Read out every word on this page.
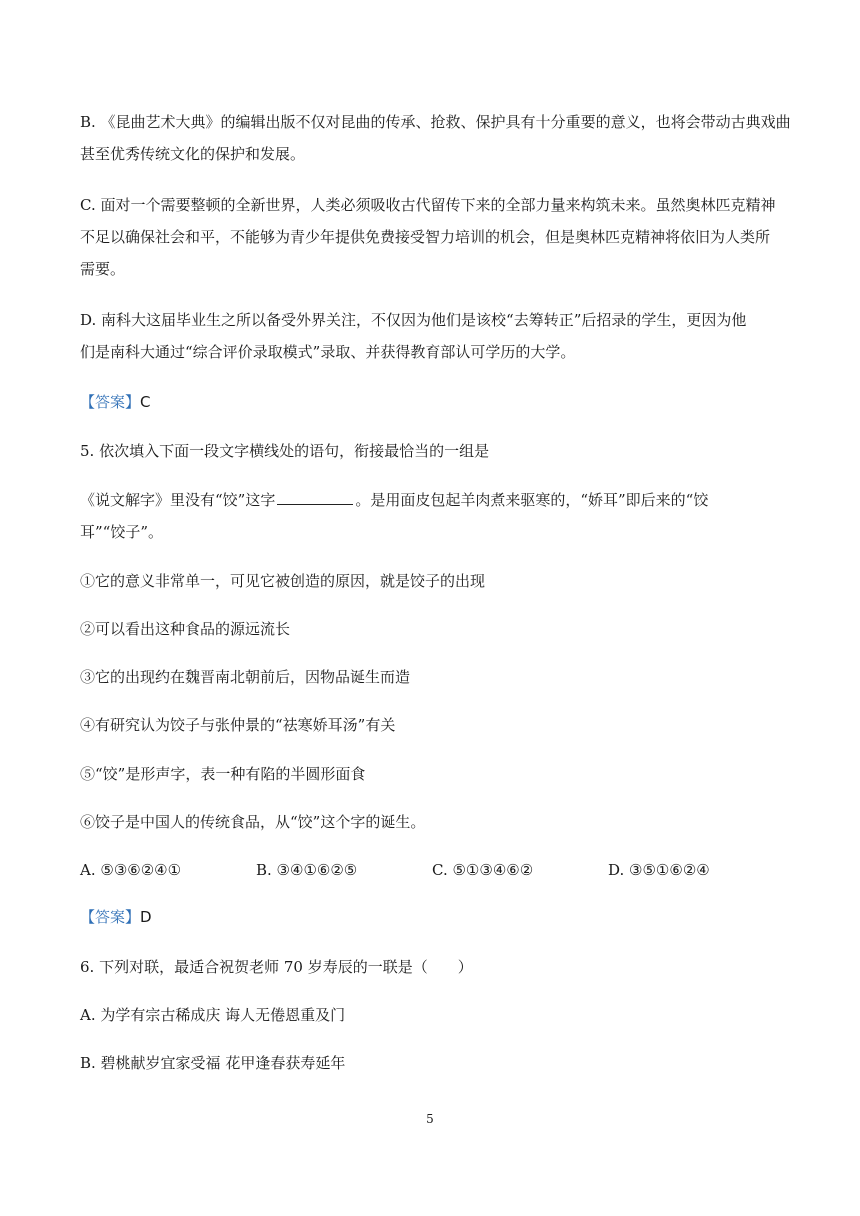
B. 《昆曲艺术大典》的编辑出版不仅对昆曲的传承、抢救、保护具有十分重要的意义，也将会带动古典戏曲
甚至优秀传统文化的保护和发展。
C. 面对一个需要整顿的全新世界，人类必须吸收古代留传下来的全部力量来构筑未来。虽然奥林匹克精神
不足以确保社会和平，不能够为青少年提供免费接受智力培训的机会，但是奥林匹克精神将依旧为人类所
需要。
D. 南科大这届毕业生之所以备受外界关注，不仅因为他们是该校“去筹转正”后招录的学生，更因为他
们是南科大通过“综合评价录取模式”录取、并获得教育部认可学历的大学。
【答案】C
5. 依次填入下面一段文字横线处的语句，衔接最恰当的一组是
《说文解字》里没有“饺”这字	。是用面皮包起羊肉煮来驱寒的，“娇耳”即后来的“饺
耳”“饺子”。
①它的意义非常单一，可见它被创造的原因，就是饺子的出现
②可以看出这种食品的源远流长
③它的出现约在魏晋南北朝前后，因物品诞生而造
④有研究认为饺子与张仲景的“祛寒娇耳汤”有关
⑤“饺”是形声字，表一种有陷的半圆形面食
⑥饺子是中国人的传统食品，从“饺”这个字的诞生。
A. ⑤③⑥②④①	B. ③④①⑥②⑤	C. ⑤①③④⑥②	D. ③⑤①⑥②④
【答案】D
6. 下列对联，最适合祝贺老师 70 岁寿辰的一联是（　　）
A. 为学有宗古稀成庆 诲人无倦恩重及门
B. 碧桃献岁宜家受福 花甲逢春获寿延年
5
